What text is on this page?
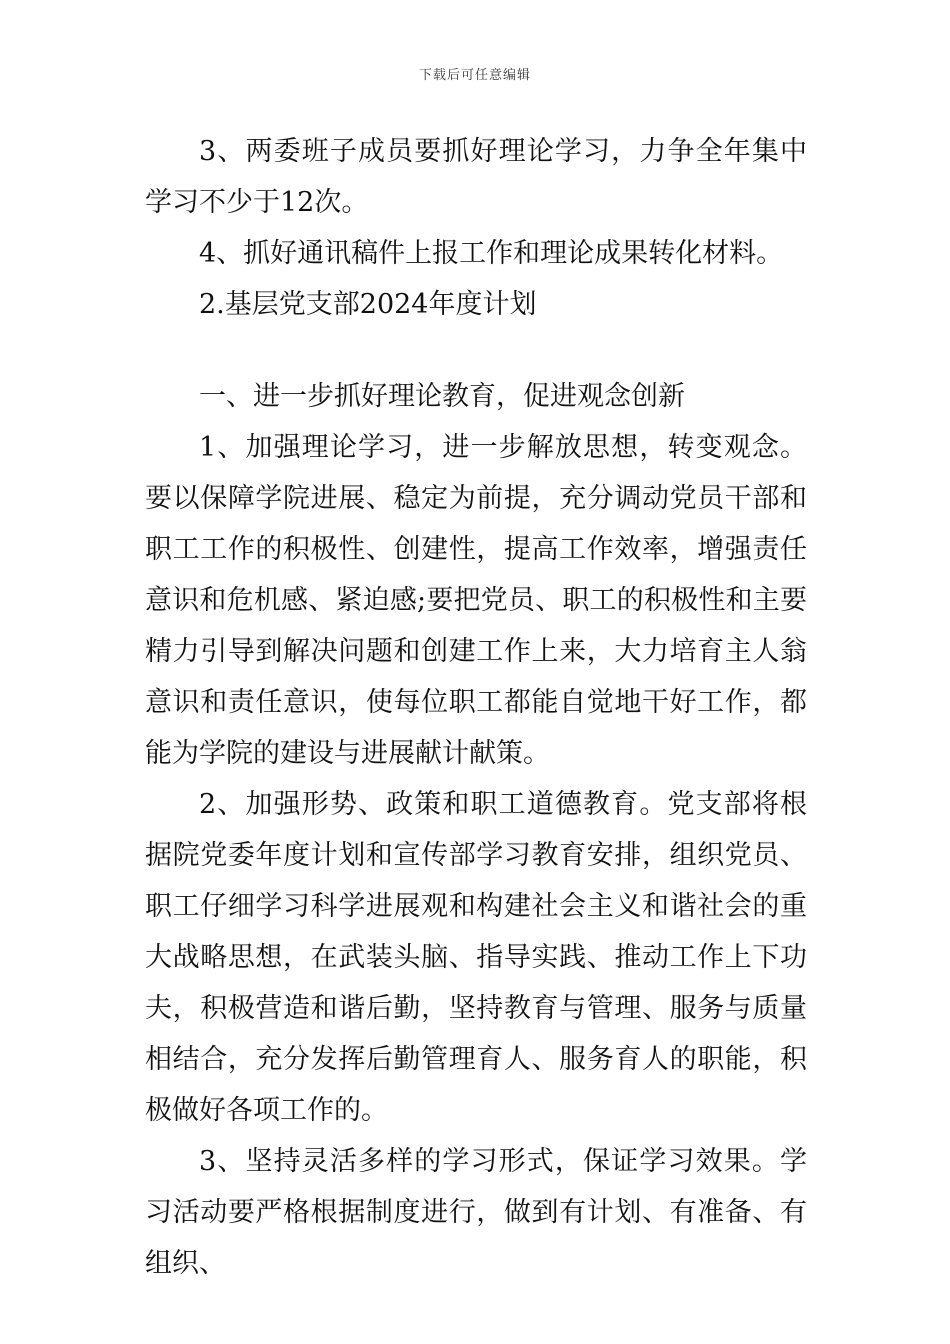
下载后可任意编辑

3、两委班子成员要抓好理论学习，力争全年集中学习不少于12次。

4、抓好通讯稿件上报工作和理论成果转化材料。

2.基层党支部2024年度计划

一、进一步抓好理论教育，促进观念创新

1、加强理论学习，进一步解放思想，转变观念。要以保障学院进展、稳定为前提，充分调动党员干部和职工工作的积极性、创建性，提高工作效率，增强责任意识和危机感、紧迫感;要把党员、职工的积极性和主要精力引导到解决问题和创建工作上来，大力培育主人翁意识和责任意识，使每位职工都能自觉地干好工作，都能为学院的建设与进展献计献策。

2、加强形势、政策和职工道德教育。党支部将根据院党委年度计划和宣传部学习教育安排，组织党员、职工仔细学习科学进展观和构建社会主义和谐社会的重大战略思想，在武装头脑、指导实践、推动工作上下功夫，积极营造和谐后勤，坚持教育与管理、服务与质量相结合，充分发挥后勤管理育人、服务育人的职能，积极做好各项工作的。

3、坚持灵活多样的学习形式，保证学习效果。学习活动要严格根据制度进行，做到有计划、有准备、有组织、
